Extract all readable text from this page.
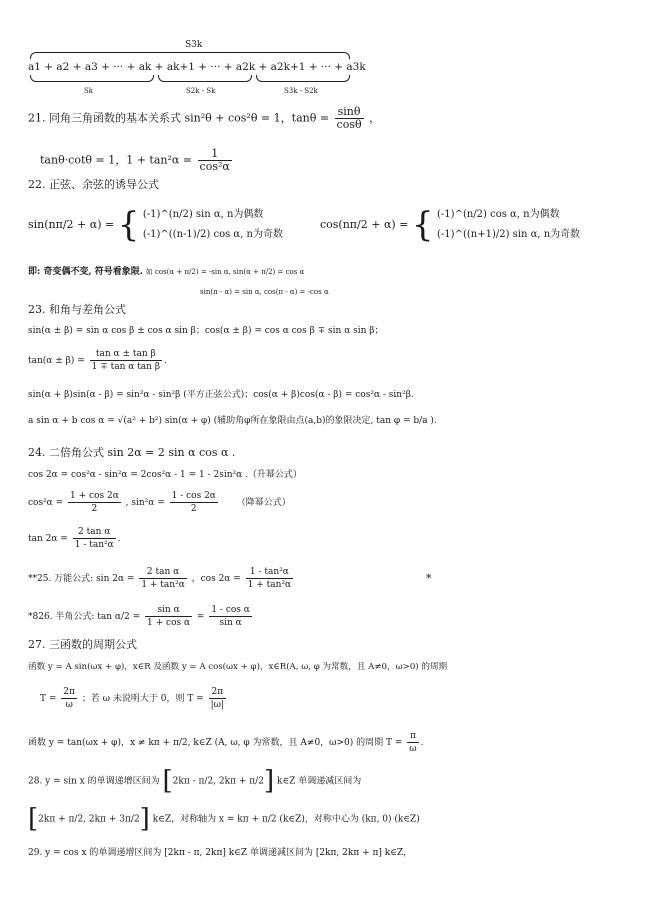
S3k
a1 + a2 + a3 + ··· + ak + ak+1 + ··· + a2k + a2k+1 + ··· + a3k
Sk	S2k - Sk	S3k - S2k
21. 同角三角函数的基本关系式 sin²θ + cos²θ = 1，$\tan\theta = \frac{\sin\theta}{\cos\theta}$ ，
tanθ·cotθ = 1，$1 + \tan^2\alpha = \frac{1}{\text{cos²α}}$
22. 正弦、余弦的诱导公式
sin(nπ/2 + α) = { (-1)^(n/2) sin α, n为偶数
(-1)^((n-1)/2) cos α, n为奇数
cos(nπ/2 + α) = { (-1)^(n/2) cos α, n为偶数
(-1)^((n+1)/2) sin α, n为奇数
即: 奇变偶不变, 符号看象限. 如 cos(α + π/2) = -sin α, sin(α + π/2) = cos α
sin(π - α) = sin α, cos(π - α) = -cos α
23. 和角与差角公式
sin(α ± β) = sin α cos β ± cos α sin β；cos(α ± β) = cos α cos β ∓ sin α sin β；
$\tan(\alpha \pm \beta) = \frac{\text{tan α ± tan β}}{\text{1 ∓ tan α tan β}}$ .
sin(α + β)sin(α - β) = sin²α - sin²β (平方正弦公式)；cos(α + β)cos(α - β) = cos²α - sin²β.
a sin α + b cos α = √(a² + b²) sin(α + φ) (辅助角φ所在象限由点(a,b)的象限决定, tan φ = b/a ).
24. 二倍角公式 sin 2α = 2 sin α cos α .
cos 2α = cos²α - sin²α = 2cos²α - 1 = 1 - 2sin²α .（升幂公式）
$\cos^2\alpha = \frac{1 + \cos 2\alpha}{2}$ , $\sin^2\alpha = \frac{1 - \cos 2\alpha}{2}$ （降幂公式）
$\tan 2\alpha = \frac{\text{2 tan α}}{\text{1 - tan²α}}$ .
**25. 万能公式: $\sin 2\alpha = \frac{\text{2 tan α}}{\text{1 + tan²α}}$ ，$\cos 2\alpha = \frac{\text{1 - tan²α}}{\text{1 + tan²α}}$	*
*826. 半角公式: $\tan \alpha/2 = \frac{\text{sin α}}{\text{1 + cos α}} = \frac{\text{1 - cos α}}{\text{sin α}}$
27. 三函数的周期公式
函数 y = A sin(ωx + φ)，x∈R 及函数 y = A cos(ωx + φ)，x∈R(A, ω, φ 为常数，且 A≠0，ω>0) 的周期
$T = \frac{2\pi}{\omega}$ ；若 ω 未说明大于 0，则 $T = \frac{2\pi}{|\omega|}$
函数 y = tan(ωx + φ)，x ≠ kπ + π/2, k∈Z (A, ω, φ 为常数，且 A≠0，ω>0) 的周期 $T = \frac{\pi}{\omega}$ .
28. y = sin x 的单调递增区间为 [2kπ - π/2, 2kπ + π/2] k∈Z 单调递减区间为
[2kπ + π/2, 2kπ + 3π/2] k∈Z，对称轴为 x = kπ + π/2 (k∈Z)，对称中心为 (kπ, 0) (k∈Z)
29. y = cos x 的单调递增区间为 [2kπ - π, 2kπ] k∈Z 单调递减区间为 [2kπ, 2kπ + π] k∈Z，
